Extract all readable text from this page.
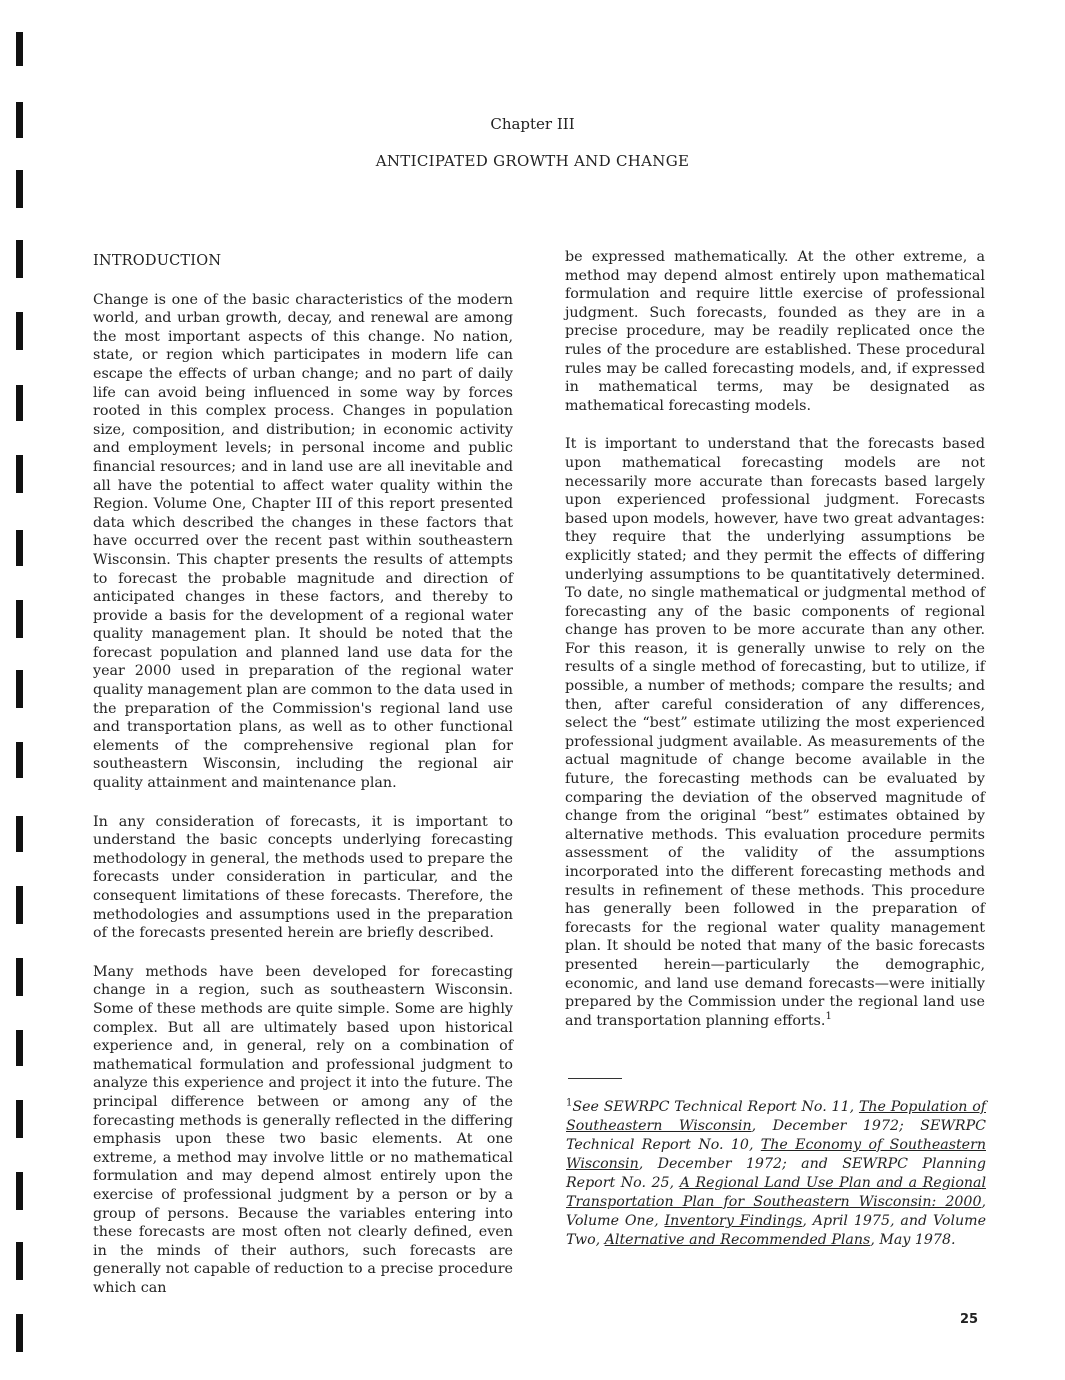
Chapter III
ANTICIPATED GROWTH AND CHANGE
INTRODUCTION

Change is one of the basic characteristics of the modern world, and urban growth, decay, and renewal are among the most important aspects of this change. No nation, state, or region which participates in modern life can escape the effects of urban change; and no part of daily life can avoid being influenced in some way by forces rooted in this complex process. Changes in population size, composition, and distribution; in economic activity and employment levels; in personal income and public financial resources; and in land use are all inevitable and all have the potential to affect water quality within the Region. Volume One, Chapter III of this report presented data which described the changes in these factors that have occurred over the recent past within southeastern Wisconsin. This chapter presents the results of attempts to forecast the probable magnitude and direction of anticipated changes in these factors, and thereby to provide a basis for the development of a regional water quality management plan. It should be noted that the forecast population and planned land use data for the year 2000 used in preparation of the regional water quality management plan are common to the data used in the preparation of the Commission's regional land use and transportation plans, as well as to other functional elements of the comprehensive regional plan for southeastern Wisconsin, including the regional air quality attainment and maintenance plan.

In any consideration of forecasts, it is important to understand the basic concepts underlying forecasting methodology in general, the methods used to prepare the forecasts under consideration in particular, and the consequent limitations of these forecasts. Therefore, the methodologies and assumptions used in the preparation of the forecasts presented herein are briefly described.

Many methods have been developed for forecasting change in a region, such as southeastern Wisconsin. Some of these methods are quite simple. Some are highly complex. But all are ultimately based upon historical experience and, in general, rely on a combination of mathematical formulation and professional judgment to analyze this experience and project it into the future. The principal difference between or among any of the forecasting methods is generally reflected in the differing emphasis upon these two basic elements. At one extreme, a method may involve little or no mathematical formulation and may depend almost entirely upon the exercise of professional judgment by a person or by a group of persons. Because the variables entering into these forecasts are most often not clearly defined, even in the minds of their authors, such forecasts are generally not capable of reduction to a precise procedure which can

be expressed mathematically. At the other extreme, a method may depend almost entirely upon mathematical formulation and require little exercise of professional judgment. Such forecasts, founded as they are in a precise procedure, may be readily replicated once the rules of the procedure are established. These procedural rules may be called forecasting models, and, if expressed in mathematical terms, may be designated as mathematical forecasting models.

It is important to understand that the forecasts based upon mathematical forecasting models are not necessarily more accurate than forecasts based largely upon experienced professional judgment. Forecasts based upon models, however, have two great advantages: they require that the underlying assumptions be explicitly stated; and they permit the effects of differing underlying assumptions to be quantitatively determined. To date, no single mathematical or judgmental method of forecasting any of the basic components of regional change has proven to be more accurate than any other. For this reason, it is generally unwise to rely on the results of a single method of forecasting, but to utilize, if possible, a number of methods; compare the results; and then, after careful consideration of any differences, select the “best” estimate utilizing the most experienced professional judgment available. As measurements of the actual magnitude of change become available in the future, the forecasting methods can be evaluated by comparing the deviation of the observed magnitude of change from the original “best” estimates obtained by alternative methods. This evaluation procedure permits assessment of the validity of the assumptions incorporated into the different forecasting methods and results in refinement of these methods. This procedure has generally been followed in the preparation of forecasts for the regional water quality management plan. It should be noted that many of the basic forecasts presented herein—particularly the demographic, economic, and land use demand forecasts—were initially prepared by the Commission under the regional land use and transportation planning efforts.$^1$

$^1$See SEWRPC Technical Report No. 11, The Population of Southeastern Wisconsin, December 1972; SEWRPC Technical Report No. 10, The Economy of Southeastern Wisconsin, December 1972; and SEWRPC Planning Report No. 25, A Regional Land Use Plan and a Regional Transportation Plan for Southeastern Wisconsin: 2000, Volume One, Inventory Findings, April 1975, and Volume Two, Alternative and Recommended Plans, May 1978.
25
